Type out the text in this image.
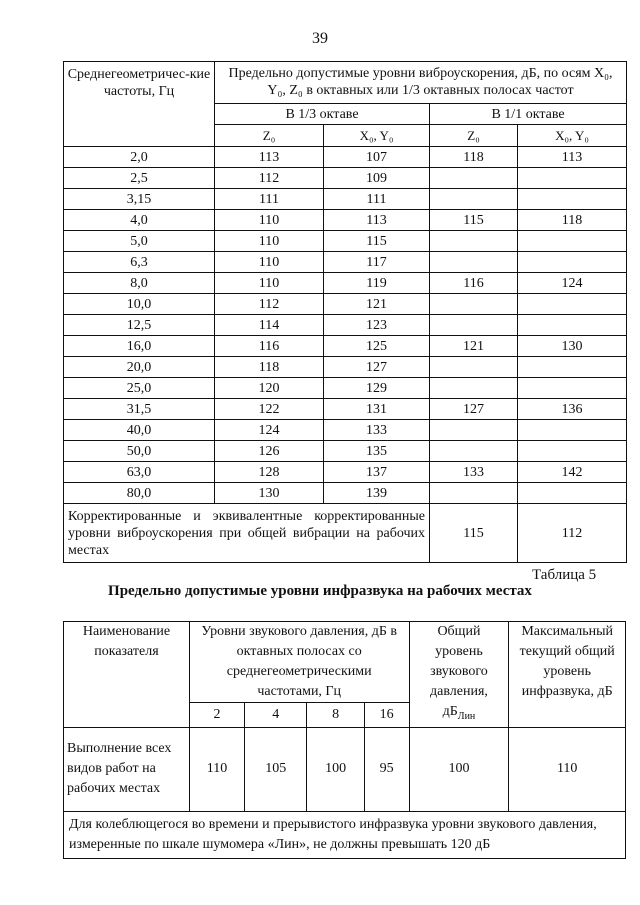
39
Среднегеометричес-кие частоты, Гц	Предельно допустимые уровни виброускорения, дБ, по осям X₀, Y₀, Z₀ в октавных или 1/3 октавных полосах частот			
	В 1/3 октаве		В 1/1 октаве	
	Z₀	X₀, Y₀	Z₀	X₀, Y₀
2,0	113	107	118	113
2,5	112	109		
3,15	111	111		
4,0	110	113	115	118
5,0	110	115		
6,3	110	117		
8,0	110	119	116	124
10,0	112	121		
12,5	114	123		
16,0	116	125	121	130
20,0	118	127		
25,0	120	129		
31,5	122	131	127	136
40,0	124	133		
50,0	126	135		
63,0	128	137	133	142
80,0	130	139		
Корректированные и эквивалентные корректированные уровни виброускорения при общей вибрации на рабочих местах			115	112
Таблица 5
Предельно допустимые уровни инфразвука на рабочих местах
Наименование показателя	Уровни звукового давления, дБ в октавных полосах со среднегеометрическими частотами, Гц				Общий уровень звукового давления, $дБ_{Лин}$	Максимальный текущий общий уровень инфразвука, дБ
	2	4	8	16		
Выполнение всех видов работ на рабочих местах	110	105	100	95	100	110
Для колеблющегося во времени и прерывистого инфразвука уровни звукового давления, измеренные по шкале шумомера «Лин», не должны превышать 120 дБ						
